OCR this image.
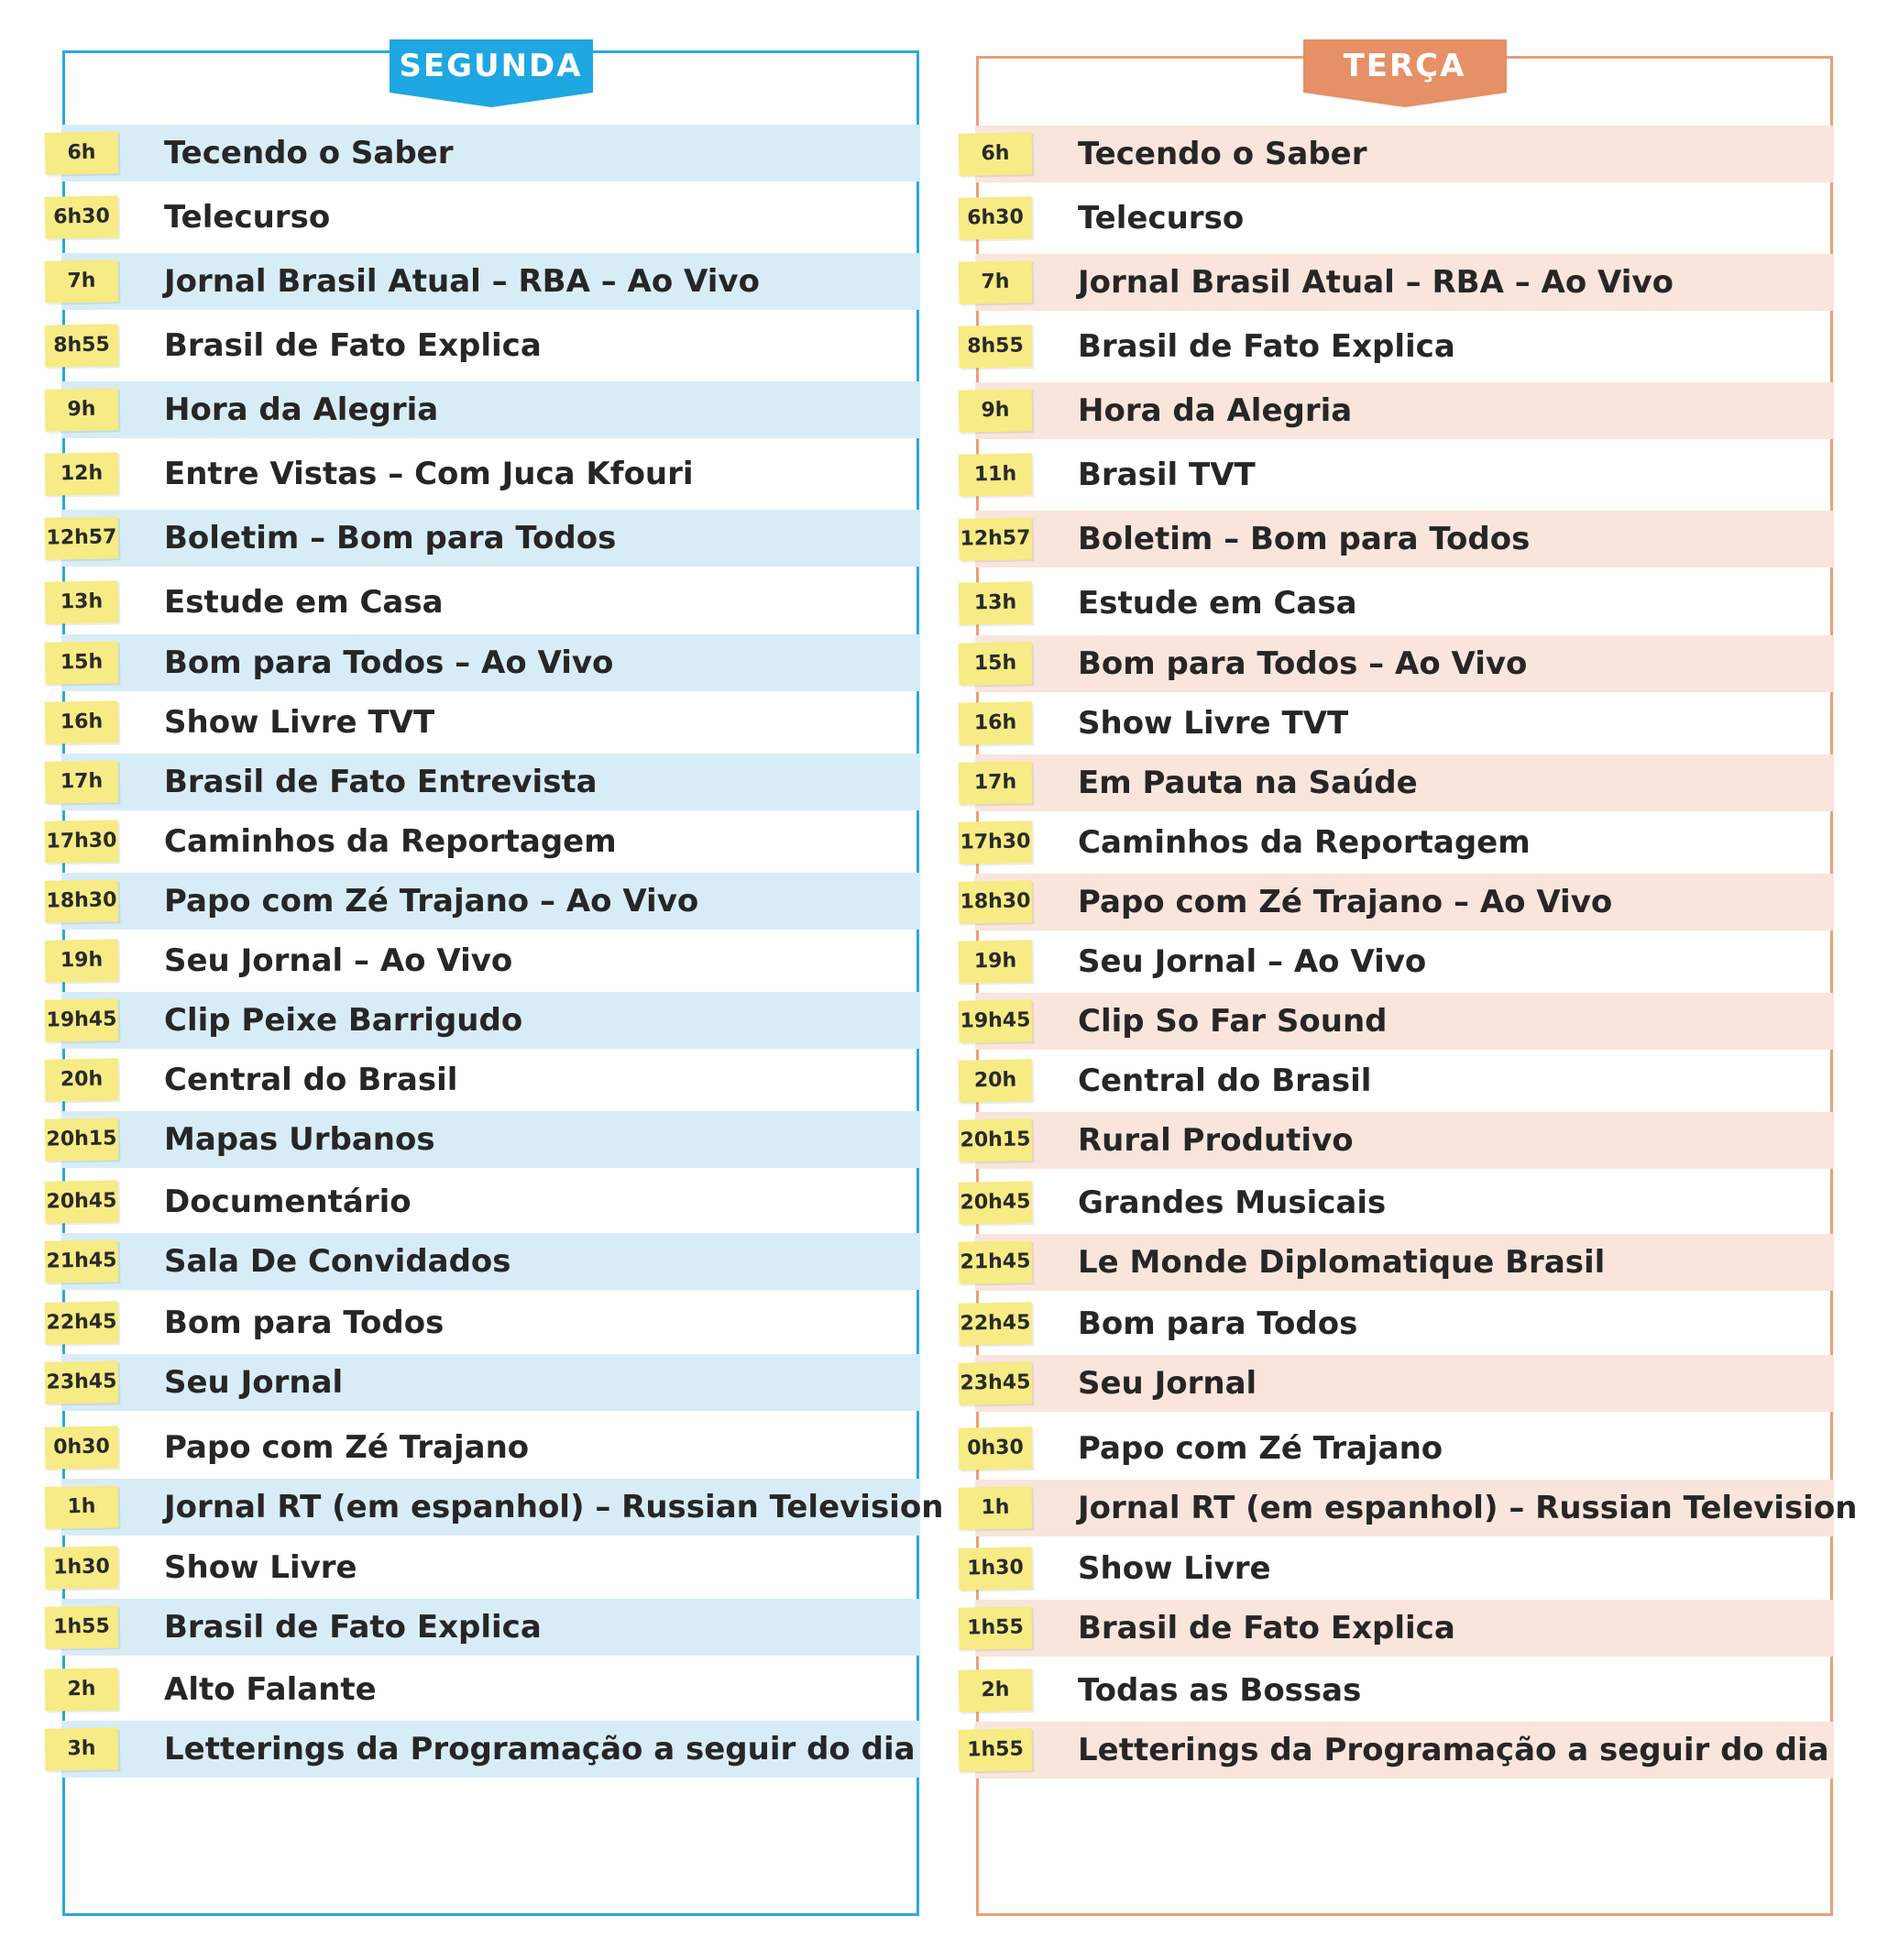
SEGUNDA
6h	Tecendo o Saber
6h30 Telecurso
7h	Jornal Brasil Atual – RBA – Ao Vivo
8h55 Brasil de Fato Explica
9h	Hora da Alegria
12h	Entre Vistas – Com Juca Kfouri
12h57 Boletim – Bom para Todos
13h	Estude em Casa
15h	Bom para Todos – Ao Vivo
16h	Show Livre TVT
17h	Brasil de Fato Entrevista
17h30 Caminhos da Reportagem
18h30 Papo com Zé Trajano – Ao Vivo
19h	Seu Jornal – Ao Vivo
19h45 Clip Peixe Barrigudo
20h	Central do Brasil
20h15 Mapas Urbanos
20h45 Documentário
21h45 Sala De Convidados
22h45 Bom para Todos
23h45 Seu Jornal
0h30 Papo com Zé Trajano
1h	Jornal RT (em espanhol) – Russian Television
1h30 Show Livre
1h55 Brasil de Fato Explica
2h	Alto Falante
3h	Letterings da Programação a seguir do dia
TERÇA
6h	Tecendo o Saber
6h30 Telecurso
7h	Jornal Brasil Atual – RBA – Ao Vivo
8h55 Brasil de Fato Explica
9h	Hora da Alegria
11h	Brasil TVT
12h57 Boletim – Bom para Todos
13h	Estude em Casa
15h	Bom para Todos – Ao Vivo
16h	Show Livre TVT
17h	Em Pauta na Saúde
17h30 Caminhos da Reportagem
18h30 Papo com Zé Trajano – Ao Vivo
19h	Seu Jornal – Ao Vivo
19h45 Clip So Far Sound
20h	Central do Brasil
20h15 Rural Produtivo
20h45 Grandes Musicais
21h45 Le Monde Diplomatique Brasil
22h45 Bom para Todos
23h45 Seu Jornal
0h30 Papo com Zé Trajano
1h	Jornal RT (em espanhol) – Russian Television
1h30 Show Livre
1h55 Brasil de Fato Explica
2h	Todas as Bossas
1h55 Letterings da Programação a seguir do dia
